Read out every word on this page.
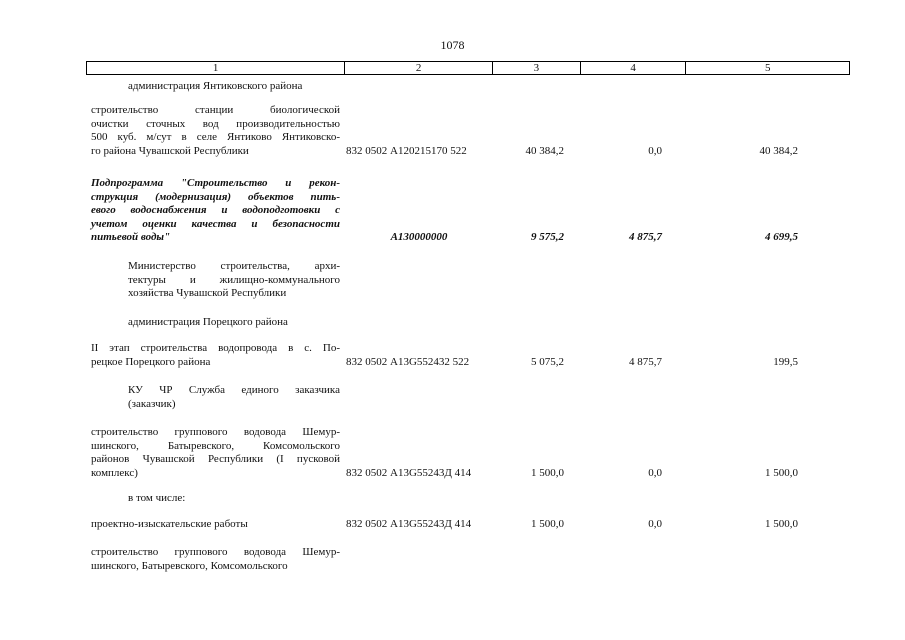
1078
1	2	3	4	5
администрация Янтиковского района
строительство станции биологической
очистки сточных вод производительностью
500 куб. м/сут в селе Янтиково Янтиковско-
го района Чувашской Республики	832 0502 А120215170 522	40 384,2	0,0	40 384,2
Подпрограмма "Строительство и рекон-
струкция (модернизация) объектов пить-
евого водоснабжения и водоподготовки с
учетом оценки качества и безопасности
питьевой воды"	А130000000	9 575,2	4 875,7	4 699,5
Министерство строительства, архи-
тектуры и жилищно-коммунального
хозяйства Чувашской Республики
администрация Порецкого района
II этап строительства водопровода в с. По-
рецкое Порецкого района	832 0502 А13G552432 522	5 075,2	4 875,7	199,5
КУ ЧР Служба единого заказчика
(заказчик)
строительство группового водовода Шемур-
шинского, Батыревского, Комсомольского
районов Чувашской Республики (I пусковой
комплекс)	832 0502 А13G55243Д 414	1 500,0	0,0	1 500,0
в том числе:
проектно-изыскательские работы	832 0502 А13G55243Д 414	1 500,0	0,0	1 500,0
строительство группового водовода Шемур-
шинского, Батыревского, Комсомольского
